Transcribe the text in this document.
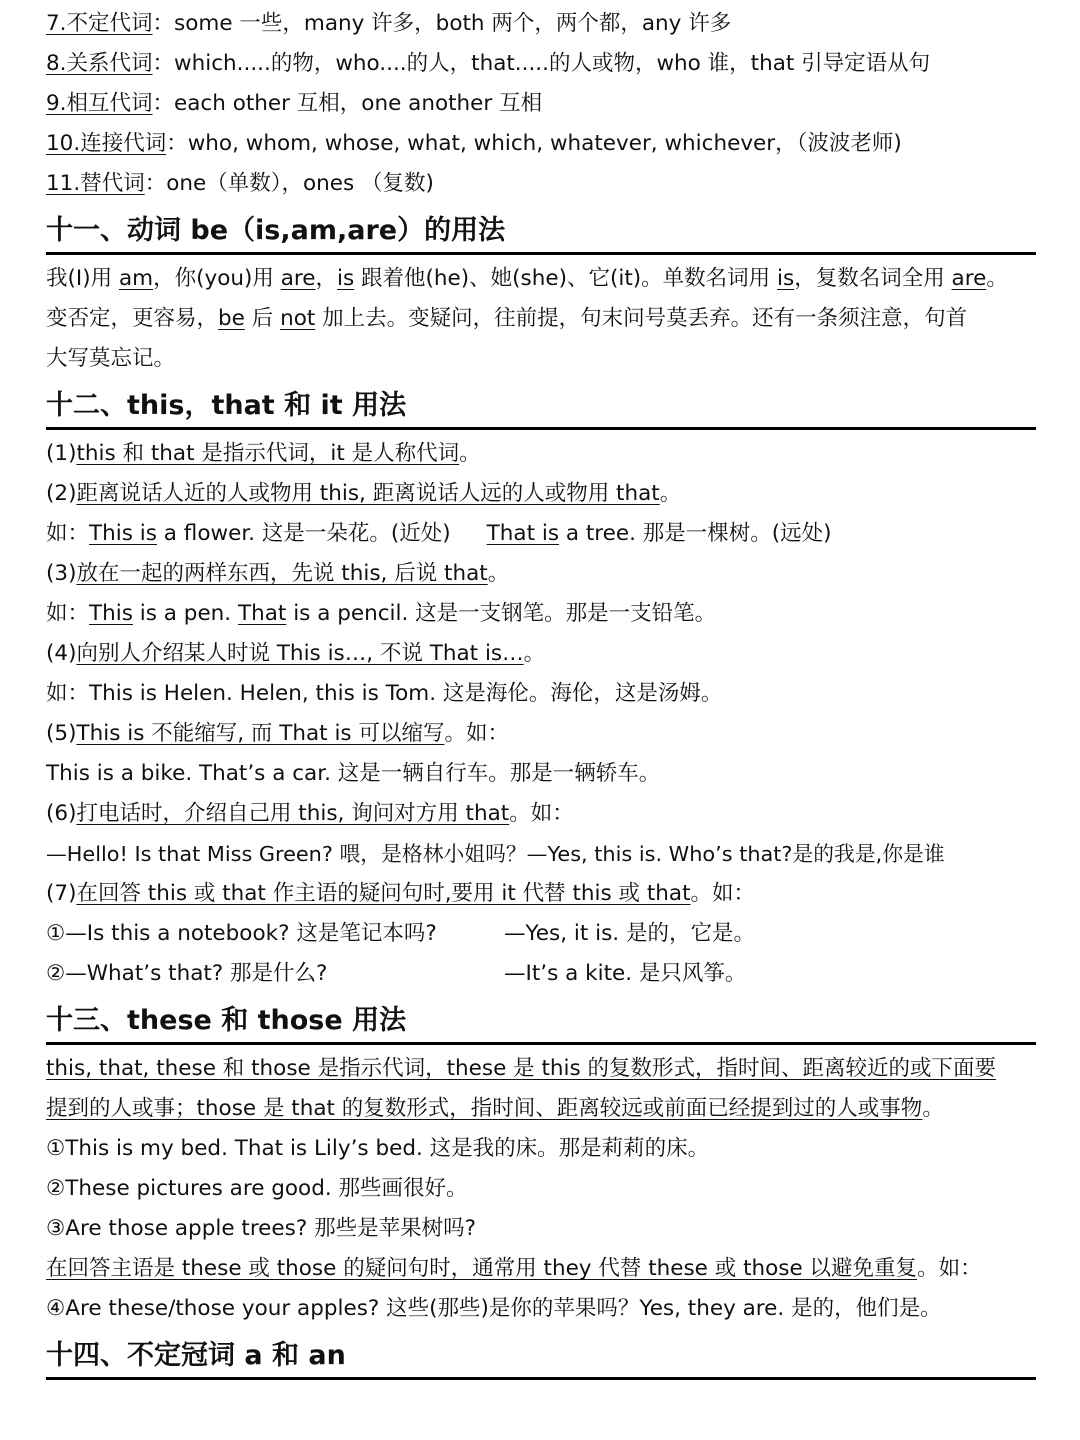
7.不定代词：some 一些，many 许多，both 两个，两个都，any 许多
8.关系代词：which.....的物，who....的人，that.....的人或物，who 谁，that 引导定语从句
9.相互代词：each other 互相，one another 互相
10.连接代词：who, whom, whose, what, which, whatever, whichever，（波波老师)
11.替代词：one（单数），ones （复数)
十一、动词 be（is,am,are）的用法
我(I)用 am，你(you)用 are，is 跟着他(he)、她(she)、它(it)。单数名词用 is，复数名词全用 are。
变否定，更容易，be 后 not 加上去。变疑问，往前提，句末问号莫丢弃。还有一条须注意，句首
大写莫忘记。
十二、this，that 和 it 用法
(1)this 和 that 是指示代词，it 是人称代词。
(2)距离说话人近的人或物用 this, 距离说话人远的人或物用 that。
如：This is a flower. 这是一朵花。(近处) That is a tree. 那是一棵树。(远处)
(3)放在一起的两样东西，先说 this, 后说 that。
如：This is a pen. That is a pencil. 这是一支钢笔。那是一支铅笔。
(4)向别人介绍某人时说 This is…, 不说 That is…。
如：This is Helen. Helen, this is Tom. 这是海伦。海伦，这是汤姆。
(5)This is 不能缩写, 而 That is 可以缩写。如：
This is a bike. That’s a car. 这是一辆自行车。那是一辆轿车。
(6)打电话时，介绍自己用 this, 询问对方用 that。如：
—Hello! Is that Miss Green? 喂，是格林小姐吗？—Yes, this is. Who’s that?是的我是,你是谁
(7)在回答 this 或 that 作主语的疑问句时,要用 it 代替 this 或 that。如：
①—Is this a notebook? 这是笔记本吗?	—Yes, it is. 是的，它是。
②—What’s that? 那是什么?	—It’s a kite. 是只风筝。
十三、these 和 those 用法
this, that, these 和 those 是指示代词，these 是 this 的复数形式，指时间、距离较近的或下面要
提到的人或事；those 是 that 的复数形式，指时间、距离较远或前面已经提到过的人或事物。
①This is my bed. That is Lily’s bed. 这是我的床。那是莉莉的床。
②These pictures are good. 那些画很好。
③Are those apple trees? 那些是苹果树吗?
在回答主语是 these 或 those 的疑问句时，通常用 they 代替 these 或 those 以避免重复。如：
④Are these/those your apples? 这些(那些)是你的苹果吗？Yes, they are. 是的，他们是。
十四、不定冠词 a 和 an
